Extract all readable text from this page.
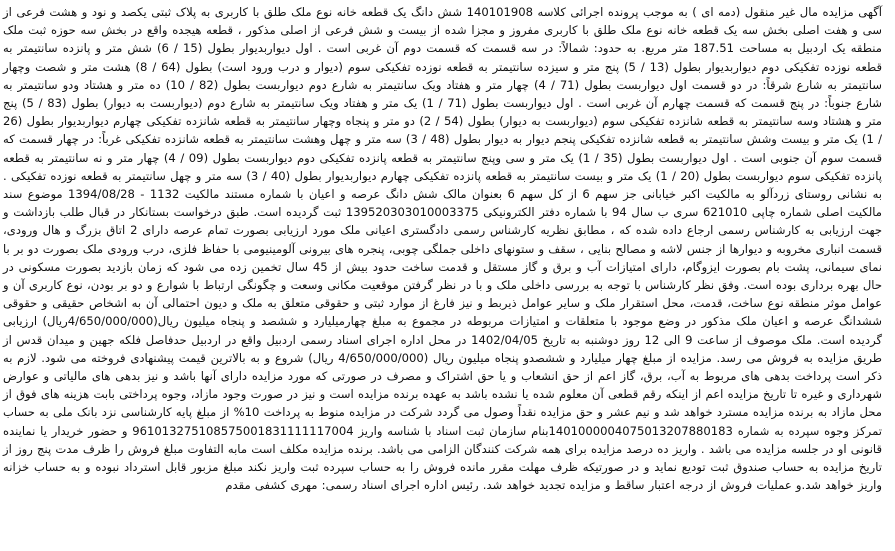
آگهی مزایده مال غیر منقول (دمه ای ) به موجب پرونده اجرائی کلاسه 140101908 شش دانگ یک قطعه خانه نوع ملک طلق با کاربری به پلاک ثبتی یکصد و نود و هشت فرعی از سی و هفت اصلی بخش سه یک قطعه خانه نوع ملک طلق با کاربری مفروز و مجزا شده از بیست و شش فرعی از اصلی مذکور ، قطعه هیجده واقع در بخش سه حوزه ثبت ملک منطقه یک اردبیل به مساحت 187.51 متر مربع. به حدود: شمالاً: در سه قسمت که قسمت دوم آن غربی است . اول دیواربدیوار بطول (15 / 6) شش متر و پانزده سانتیمتر به قطعه نوزده تفکیکی دوم دیواربدیوار بطول (13 / 5) پنج متر و سیزده سانتیمتر به قطعه نوزده تفکیکی سوم (دیوار و درب ورود است) بطول (64 / 8) هشت متر و شصت وچهار سانتیمتر به شارع شرقاً: در دو قسمت اول دیواربست بطول (71 / 4) چهار متر و هفتاد ویک سانتیمتر به شارع دوم دیواربست بطول (82 / 10) ده متر و هشتاد ودو سانتیمتر به شارع جنوباً: در پنج قسمت که قسمت چهارم آن غربی است . اول دیواربست بطول (71 / 1) یک متر و هفتاد ویک سانتیمتر به شارع دوم (دیواربست به دیوار) بطول (83 / 5) پنج متر و هشتاد وسه سانتیمتر به قطعه شانزده تفکیکی سوم (دیواربست به دیوار) بطول (54 / 2) دو متر و پنجاه وچهار سانتیمتر به قطعه شانزده تفکیکی چهارم دیواربدیوار بطول (26 / 1) یک متر و بیست وشش سانتیمتر به قطعه شانزده تفکیکی پنجم دیوار به دیوار بطول (48 / 3) سه متر و چهل وهشت سانتیمتر به قطعه شانزده تفکیکی غرباً: در چهار قسمت که قسمت سوم آن جنوبی است . اول دیواربست بطول (35 / 1) یک متر و سی وپنج سانتیمتر به قطعه پانزده تفکیکی دوم دیواربست بطول (09 / 4) چهار متر و نه سانتیمتر به قطعه پانزده تفکیکی سوم دیواربست بطول (20 / 1) یک متر و بیست سانتیمتر به قطعه پانزده تفکیکی چهارم دیواربدیوار بطول (40 / 3) سه متر و چهل سانتیمتر به قطعه نوزده تفکیکی . به نشانی روستای زردآلو به مالکیت اکبر خیابانی جز سهم 6 از کل سهم 6 بعنوان مالک شش دانگ عرصه و اعیان با شماره مستند مالکیت 1132 - 1394/08/28 موضوع سند مالکیت اصلی شماره چاپی 621010 سری ب سال 94 با شماره دفتر الکترونیکی 139520303010003375 ثبت گردیده است. طبق درخواست بستانکار در قبال طلب بازداشت و جهت ارزیابی به کارشناس رسمی ارجاع داده شده که ، مطابق نظریه کارشناس رسمی دادگستری اعیانی ملک مورد ارزیابی بصورت تمام عرصه دارای 2 اتاق بزرگ و هال ورودی، قسمت انباری مخروبه و دیوارها از جنس لاشه و مصالح بنایی ، سقف و ستونهای داخلی جملگی چوبی، پنجره های بیرونی آلومینیومی با حفاظ فلزی، درب ورودی ملک بصورت دو بر با نمای سیمانی، پشت بام بصورت ایزوگام، دارای امتیازات آب و برق و گاز مستقل و قدمت ساخت حدود بیش از 45 سال تخمین زده می شود که زمان بازدید بصورت مسکونی در حال بهره برداری بوده است. وفق نظر کارشناس با توجه به بررسی داخلی ملک و با در نظر گرفتن موقعیت مکانی وسعت و چگونگی ارتباط با شوارع و دو بر بودن، نوع کاربری آن و عوامل موثر منطقه نوع ساخت، قدمت، محل استقرار ملک و سایر عوامل ذیربط و نیز فارغ از موارد ثبتی و حقوقی متعلق به ملک و دیون احتمالی آن به اشخاص حقیقی و حقوقی ششدانگ عرصه و اعیان ملک مذکور در وضع موجود با متعلقات و امتیازات مربوطه در مجموع به مبلغ چهارمیلیارد و ششصد و پنجاه میلیون ریال(4/650/000/000ریال) ارزیابی گردیده است. ملک موصوف از ساعت 9 الی 12 روز دوشنبه به تاریخ 1402/04/05 در محل اداره اجرای اسناد رسمی اردبیل واقع در اردبیل حدفاصل فلکه جهین و میدان قدس از طریق مزایده به فروش می رسد. مزایده از مبلغ چهار میلیارد و ششصدو پنجاه میلیون ریال (4/650/000/000 ریال) شروع و به بالاترین قیمت پیشنهادی فروخته می شود. لازم به ذکر است پرداخت بدهی های مربوط به آب، برق، گاز اعم از حق انشعاب و یا حق اشتراک و مصرف در صورتی که مورد مزایده دارای آنها باشد و نیز بدهی های مالیاتی و عوارض شهرداری و غیره تا تاریخ مزایده اعم از اینکه رقم قطعی آن معلوم شده یا نشده باشد به عهده برنده مزایده است و نیز در صورت وجود مازاد، وجوه پرداختی بابت هزینه های فوق از محل مازاد به برنده مزایده مسترد خواهد شد و نیم عشر و حق مزایده نقداً وصول می گردد شرکت در مزایده منوط به پرداخت 10% از مبلغ پایه کارشناسی نزد بانک ملی به حساب تمرکز وجوه سپرده به شماره 1401000004075013207880183بنام سازمان ثبت اسناد با شناسه واریز 961013275108575001831111117004 و حضور خریدار یا نماینده قانونی او در جلسه مزایده می باشد . واریز ده درصد مزایده برای همه شرکت کنندگان الزامی می باشد. برنده مزایده مکلف است مابه التفاوت مبلغ فروش را ظرف مدت پنج روز از تاریخ مزایده به حساب صندوق ثبت تودیع نماید و در صورتیکه ظرف مهلت مقرر مانده فروش را به حساب سپرده ثبت واریز نکند مبلغ مزبور قابل استرداد نبوده و به حساب خزانه واریز خواهد شد.و عملیات فروش از درجه اعتبار ساقط و مزایده تجدید خواهد شد. رئیس اداره اجرای اسناد رسمی: مهری کشفی مقدم
